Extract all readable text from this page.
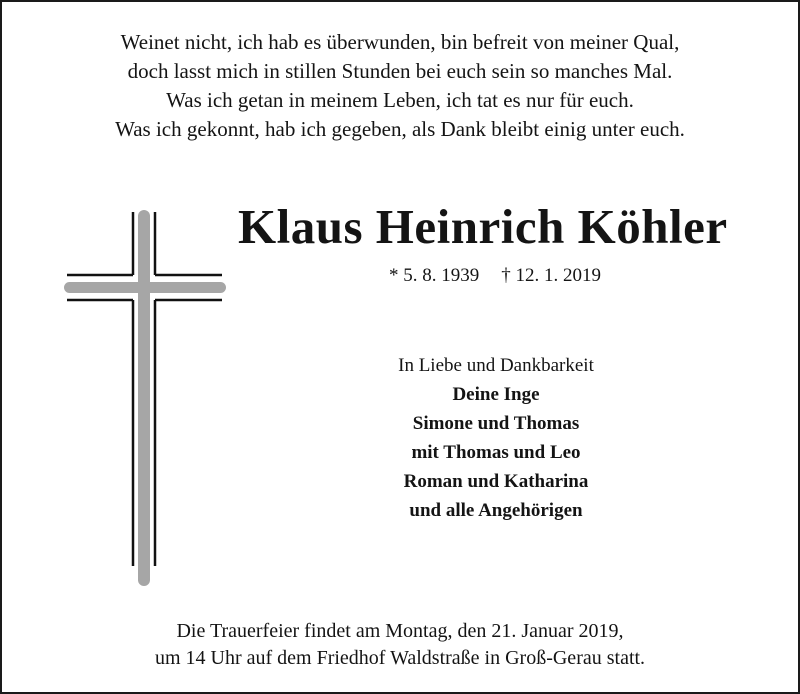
Weinet nicht, ich hab es überwunden, bin befreit von meiner Qual,
doch lasst mich in stillen Stunden bei euch sein so manches Mal.
Was ich getan in meinem Leben, ich tat es nur für euch.
Was ich gekonnt, hab ich gegeben, als Dank bleibt einig unter euch.
Klaus Heinrich Köhler
* 5. 8. 1939 † 12. 1. 2019
In Liebe und Dankbarkeit
Deine Inge
Simone und Thomas
mit Thomas und Leo
Roman und Katharina
und alle Angehörigen
Die Trauerfeier findet am Montag, den 21. Januar 2019,
um 14 Uhr auf dem Friedhof Waldstraße in Groß-Gerau statt.
